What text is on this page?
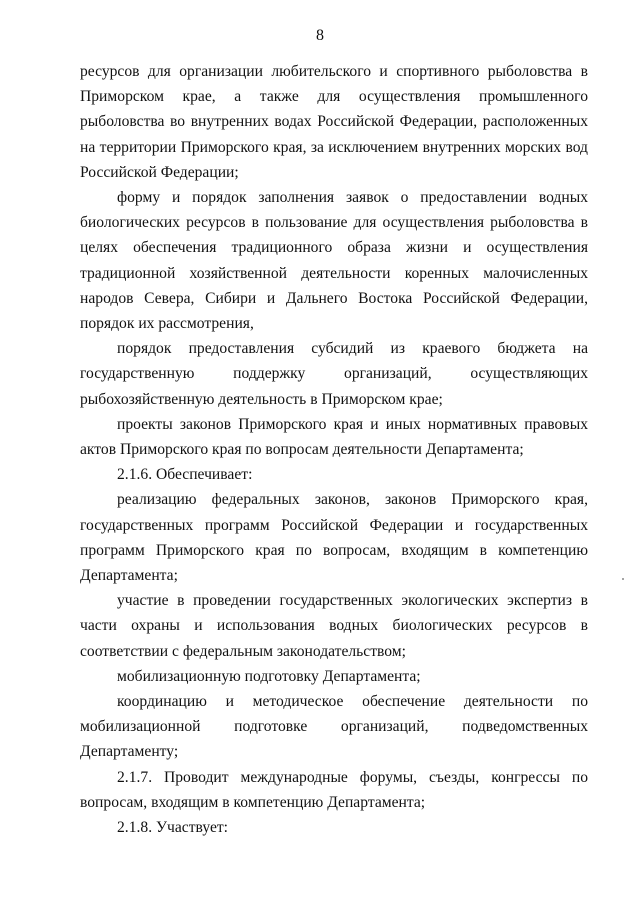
8

ресурсов для организации любительского и спортивного рыболовства в Приморском крае, а также для осуществления промышленного рыболовства во внутренних водах Российской Федерации, расположенных на территории Приморского края, за исключением внутренних морских вод Российской Федерации;

форму и порядок заполнения заявок о предоставлении водных биологических ресурсов в пользование для осуществления рыболовства в целях обеспечения традиционного образа жизни и осуществления традиционной хозяйственной деятельности коренных малочисленных народов Севера, Сибири и Дальнего Востока Российской Федерации, порядок их рассмотрения,

порядок предоставления субсидий из краевого бюджета на государственную поддержку организаций, осуществляющих рыбохозяйственную деятельность в Приморском крае;

проекты законов Приморского края и иных нормативных правовых актов Приморского края по вопросам деятельности Департамента;

2.1.6. Обеспечивает:

реализацию федеральных законов, законов Приморского края, государственных программ Российской Федерации и государственных программ Приморского края по вопросам, входящим в компетенцию Департамента;

участие в проведении государственных экологических экспертиз в части охраны и использования водных биологических ресурсов в соответствии с федеральным законодательством;

мобилизационную подготовку Департамента;

координацию и методическое обеспечение деятельности по мобилизационной подготовке организаций, подведомственных Департаменту;

2.1.7. Проводит международные форумы, съезды, конгрессы по вопросам, входящим в компетенцию Департамента;

2.1.8. Участвует:
